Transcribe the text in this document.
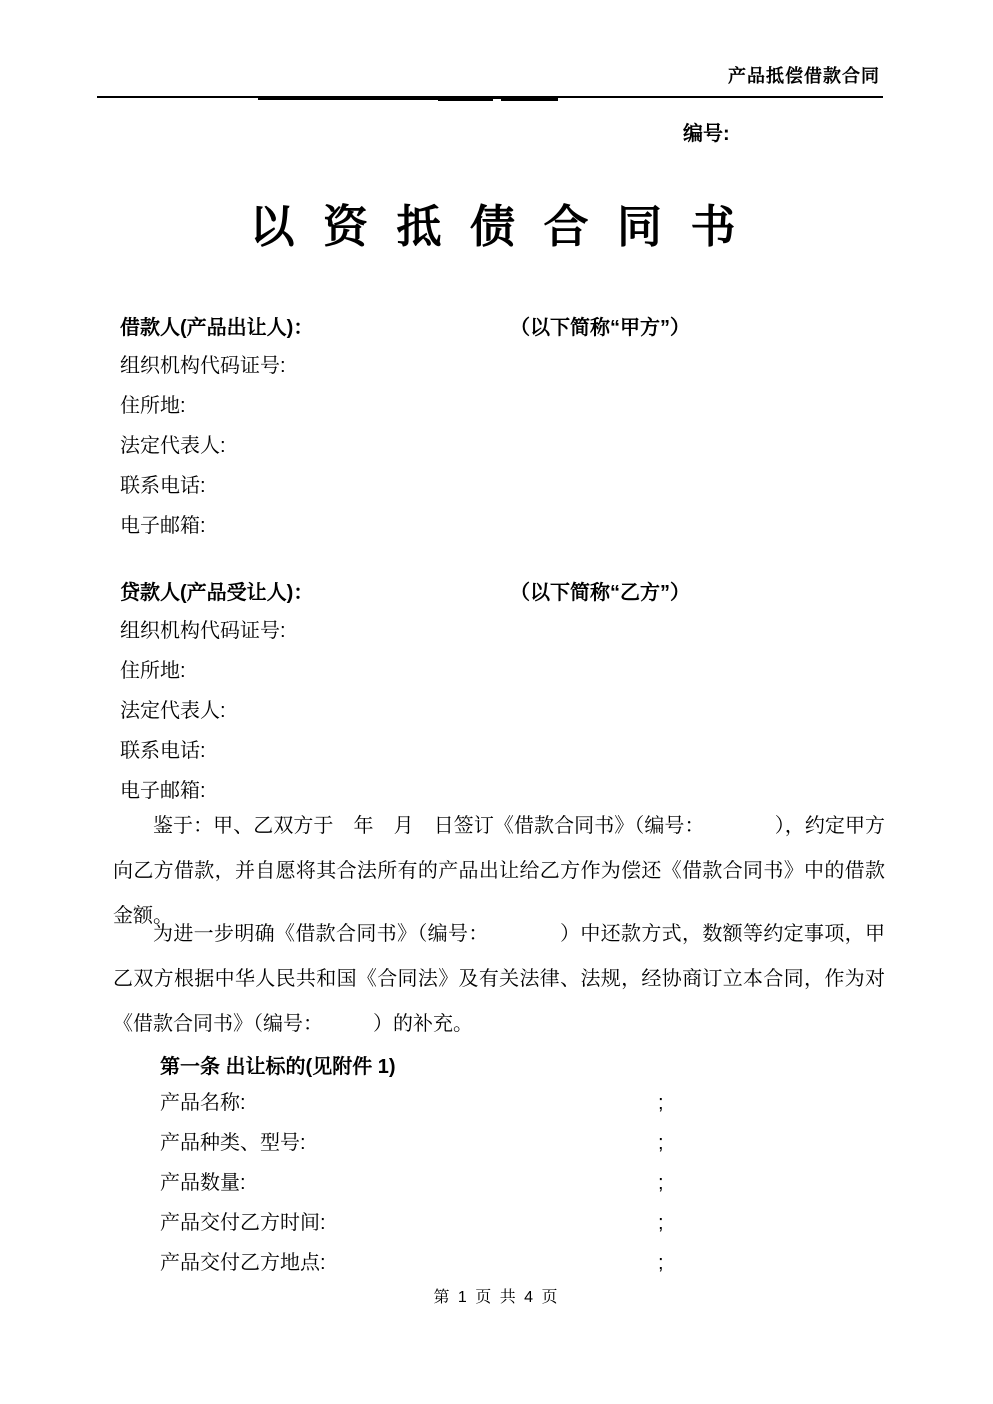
产品抵偿借款合同
编号:
以 资 抵 债 合 同 书
借款人(产品出让人)：	（以下简称“甲方”）
组织机构代码证号:
住所地:
法定代表人:
联系电话:
电子邮箱:
贷款人(产品受让人)：	（以下简称“乙方”）
组织机构代码证号:
住所地:
法定代表人:
联系电话:
电子邮箱:

鉴于：甲、乙双方于　年　月　日签订《借款合同书》（编号：　　　　），约定甲方向乙方借款，并自愿将其合法所有的产品出让给乙方作为偿还《借款合同书》中的借款金额。

为进一步明确《借款合同书》（编号：　　　　）中还款方式，数额等约定事项，甲乙双方根据中华人民共和国《合同法》及有关法律、法规，经协商订立本合同，作为对《借款合同书》（编号：　　　）的补充。

第一条 出让标的(见附件 1)
产品名称:	;
产品种类、型号:	;
产品数量:	;
产品交付乙方时间:	;
产品交付乙方地点:	;
第 1 页 共 4 页
